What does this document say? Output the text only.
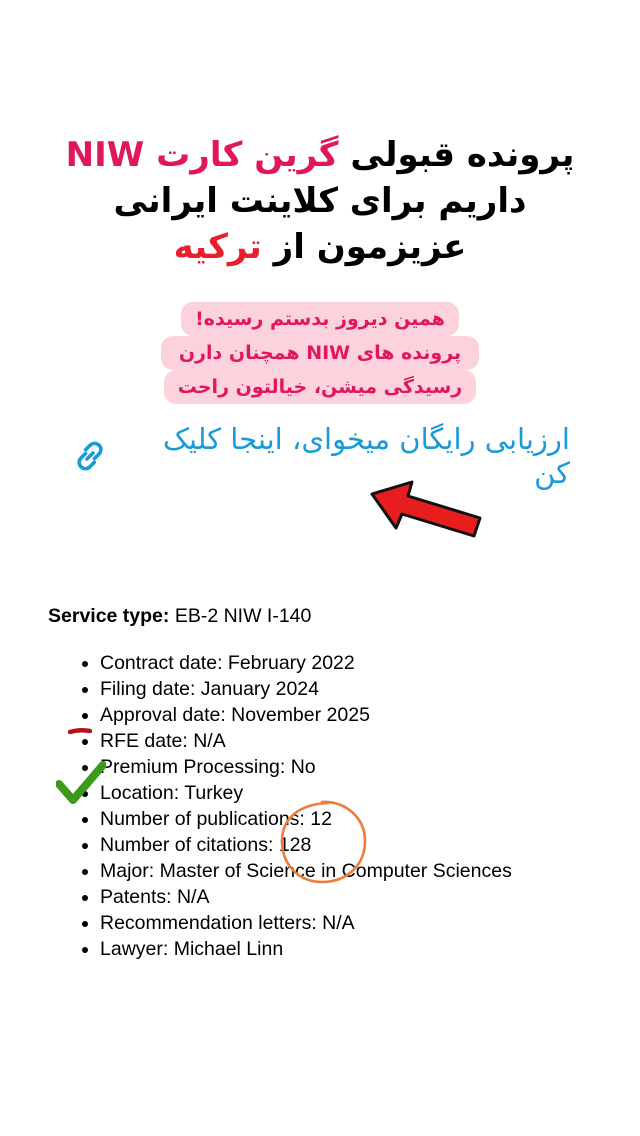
پرونده قبولی گرین کارت NIW
داریم برای کلاینت ایرانی
عزیزمون از ترکیه
همین دیروز بدستم رسیده!
پرونده های NIW همچنان دارن
رسیدگی میشن، خیالتون راحت
ارزیابی رایگان میخوای، اینجا کلیک کن
Service type: EB-2 NIW I-140
• Contract date: February 2022
• Filing date: January 2024
• Approval date: November 2025
• RFE date: N/A
• Premium Processing: No
• Location: Turkey
• Number of publications: 12
• Number of citations: 128
• Major: Master of Science in Computer Sciences
• Patents: N/A
• Recommendation letters: N/A
• Lawyer: Michael Linn
